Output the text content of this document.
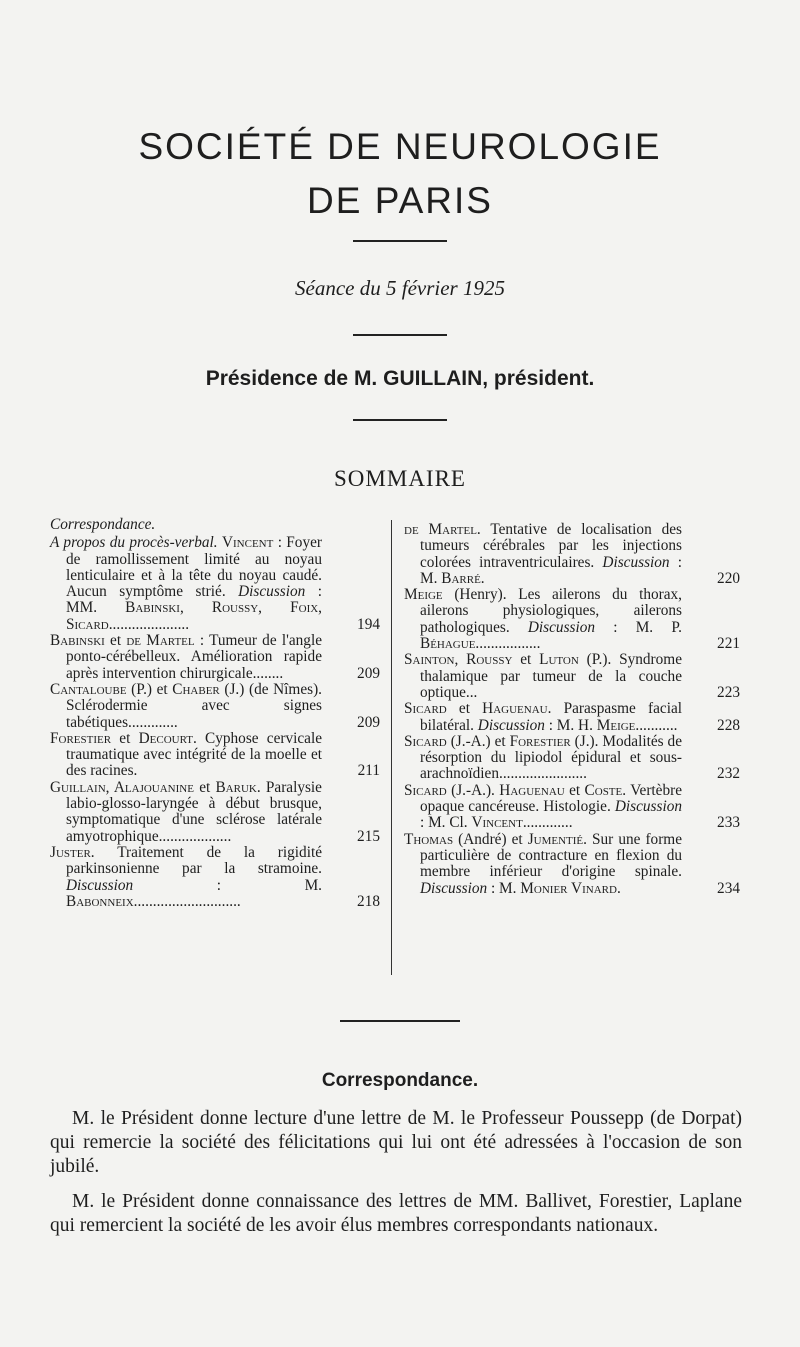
SOCIÉTÉ DE NEUROLOGIE
DE PARIS
Séance du 5 février 1925
Présidence de M. GUILLAIN, président.
SOMMAIRE
Correspondance.
A propos du procès-verbal. Vincent : Foyer de ramollissement limité au noyau lenticulaire et à la tête du noyau caudé. Aucun symptôme strié. Discussion : MM. Babinski, Roussy, Foix, Sicard.....................	194
Babinski et de Martel : Tumeur de l'angle ponto-cérébelleux. Amélioration rapide après intervention chirurgicale........	209
Cantaloube (P.) et Chaber (J.) (de Nîmes). Sclérodermie avec signes tabétiques.............	209
Forestier et Decourt. Cyphose cervicale traumatique avec intégrité de la moelle et des racines.	211
Guillain, Alajouanine et Baruk. Paralysie labio-glosso-laryngée à début brusque, symptomatique d'une sclérose latérale amyotrophique...................	215
Juster. Traitement de la rigidité parkinsonienne par la stramoine. Discussion : M. Babonneix............................	218
de Martel. Tentative de localisation des tumeurs cérébrales par les injections colorées intraventriculaires. Discussion : M. Barré.	220
Meige (Henry). Les ailerons du thorax, ailerons physiologiques, ailerons pathologiques. Discussion : M. P. Béhague.................	221
Sainton, Roussy et Luton (P.). Syndrome thalamique par tumeur de la couche optique...	223
Sicard et Haguenau. Paraspasme facial bilatéral. Discussion : M. H. Meige...........	228
Sicard (J.-A.) et Forestier (J.). Modalités de résorption du lipiodol épidural et sous-arachnoïdien.......................	232
Sicard (J.-A.). Haguenau et Coste. Vertèbre opaque cancéreuse. Histologie. Discussion : M. Cl. Vincent.............	233
Thomas (André) et Jumentié. Sur une forme particulière de contracture en flexion du membre inférieur d'origine spinale. Discussion : M. Monier Vinard.	234
Correspondance.

M. le Président donne lecture d'une lettre de M. le Professeur Poussepp (de Dorpat) qui remercie la société des félicitations qui lui ont été adressées à l'occasion de son jubilé.

M. le Président donne connaissance des lettres de MM. Ballivet, Forestier, Laplane qui remercient la société de les avoir élus membres correspondants nationaux.
